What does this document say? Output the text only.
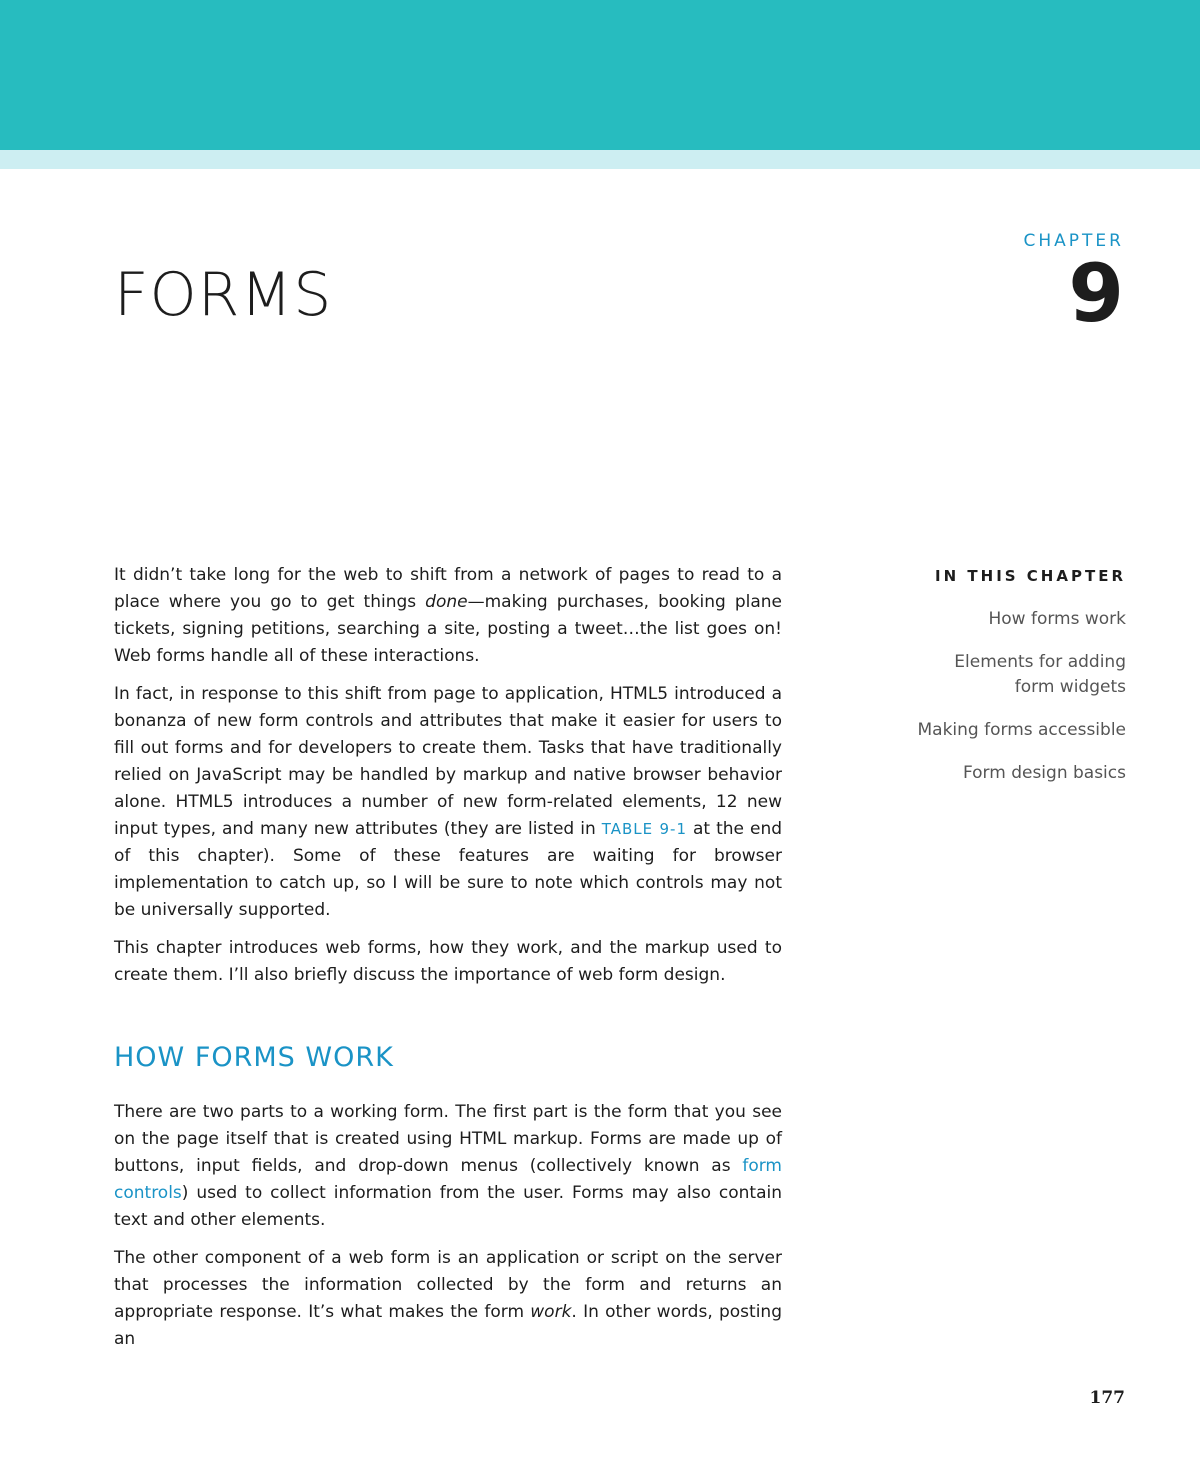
CHAPTER
9
FORMS

It didn’t take long for the web to shift from a network of pages to read to a place where you go to get things done—making purchases, booking plane tickets, signing petitions, searching a site, posting a tweet…the list goes on! Web forms handle all of these interactions.

In fact, in response to this shift from page to application, HTML5 introduced a bonanza of new form controls and attributes that make it easier for users to fill out forms and for developers to create them. Tasks that have traditionally relied on JavaScript may be handled by markup and native browser behavior alone. HTML5 introduces a number of new form-related elements, 12 new input types, and many new attributes (they are listed in TABLE 9-1 at the end of this chapter). Some of these features are waiting for browser implementation to catch up, so I will be sure to note which controls may not be universally supported.

This chapter introduces web forms, how they work, and the markup used to create them. I’ll also briefly discuss the importance of web form design.

HOW FORMS WORK

There are two parts to a working form. The first part is the form that you see on the page itself that is created using HTML markup. Forms are made up of buttons, input fields, and drop-down menus (collectively known as form controls) used to collect information from the user. Forms may also contain text and other elements.

The other component of a web form is an application or script on the server that processes the information collected by the form and returns an appropriate response. It’s what makes the form work. In other words, posting an

IN THIS CHAPTER
How forms work
Elements for adding form widgets
Making forms accessible
Form design basics
177
